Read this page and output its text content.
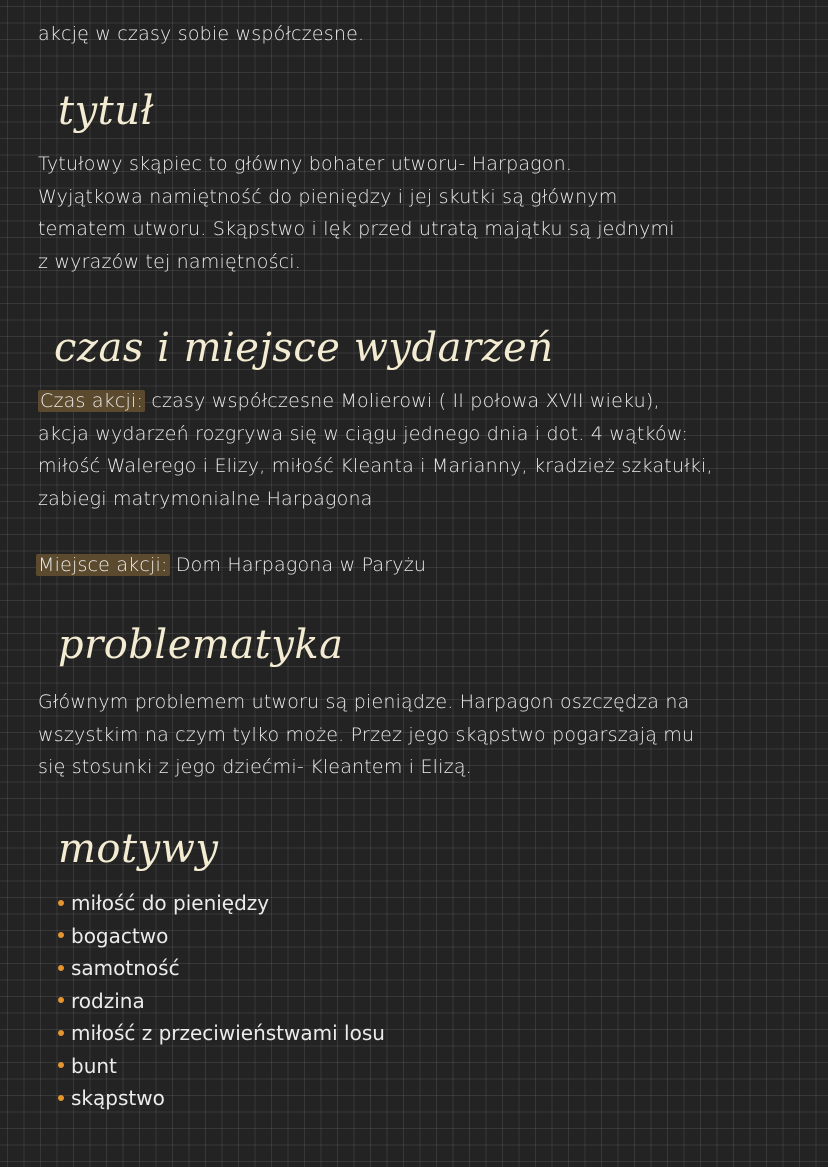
akcję w czasy sobie współczesne.
tytuł
Tytułowy skąpiec to główny bohater utworu- Harpagon.
Wyjątkowa namiętność do pieniędzy i jej skutki są głównym
tematem utworu. Skąpstwo i lęk przed utratą majątku są jednymi
z wyrazów tej namiętności.
czas i miejsce wydarzeń
Czas akcji: czasy współczesne Molierowi ( II połowa XVII wieku),
akcja wydarzeń rozgrywa się w ciągu jednego dnia i dot. 4 wątków:
miłość Walerego i Elizy, miłość Kleanta i Marianny, kradzież szkatułki,
zabiegi matrymonialne Harpagona
Miejsce akcji: Dom Harpagona w Paryżu
problematyka
Głównym problemem utworu są pieniądze. Harpagon oszczędza na
wszystkim na czym tylko może. Przez jego skąpstwo pogarszają mu
się stosunki z jego dziećmi- Kleantem i Elizą.
motywy
miłość do pieniędzy
bogactwo
samotność
rodzina
miłość z przeciwieństwami losu
bunt
skąpstwo
